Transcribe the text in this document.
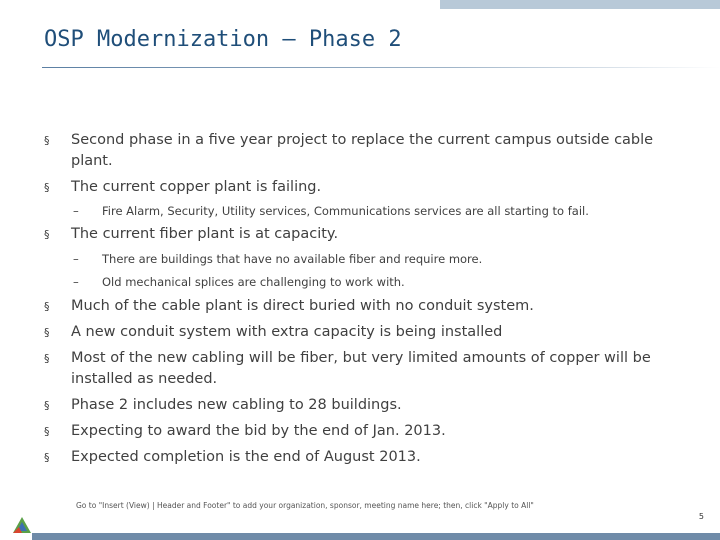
OSP Modernization – Phase 2
§ Second phase in a five year project to replace the current campus outside cable plant.
§ The current copper plant is failing.
– Fire Alarm, Security, Utility services, Communications services are all starting to fail.
§ The current fiber plant is at capacity.
– There are buildings that have no available fiber and require more.
– Old mechanical splices are challenging to work with.
§ Much of the cable plant is direct buried with no conduit system.
§ A new conduit system with extra capacity is being installed
§ Most of the new cabling will be fiber, but very limited amounts of copper will be installed as needed.
§ Phase 2 includes new cabling to 28 buildings.
§ Expecting to award the bid by the end of Jan. 2013.
§ Expected completion is the end of August 2013.
Go to "Insert (View) | Header and Footer" to add your organization, sponsor, meeting name here; then, click "Apply to All"
5
